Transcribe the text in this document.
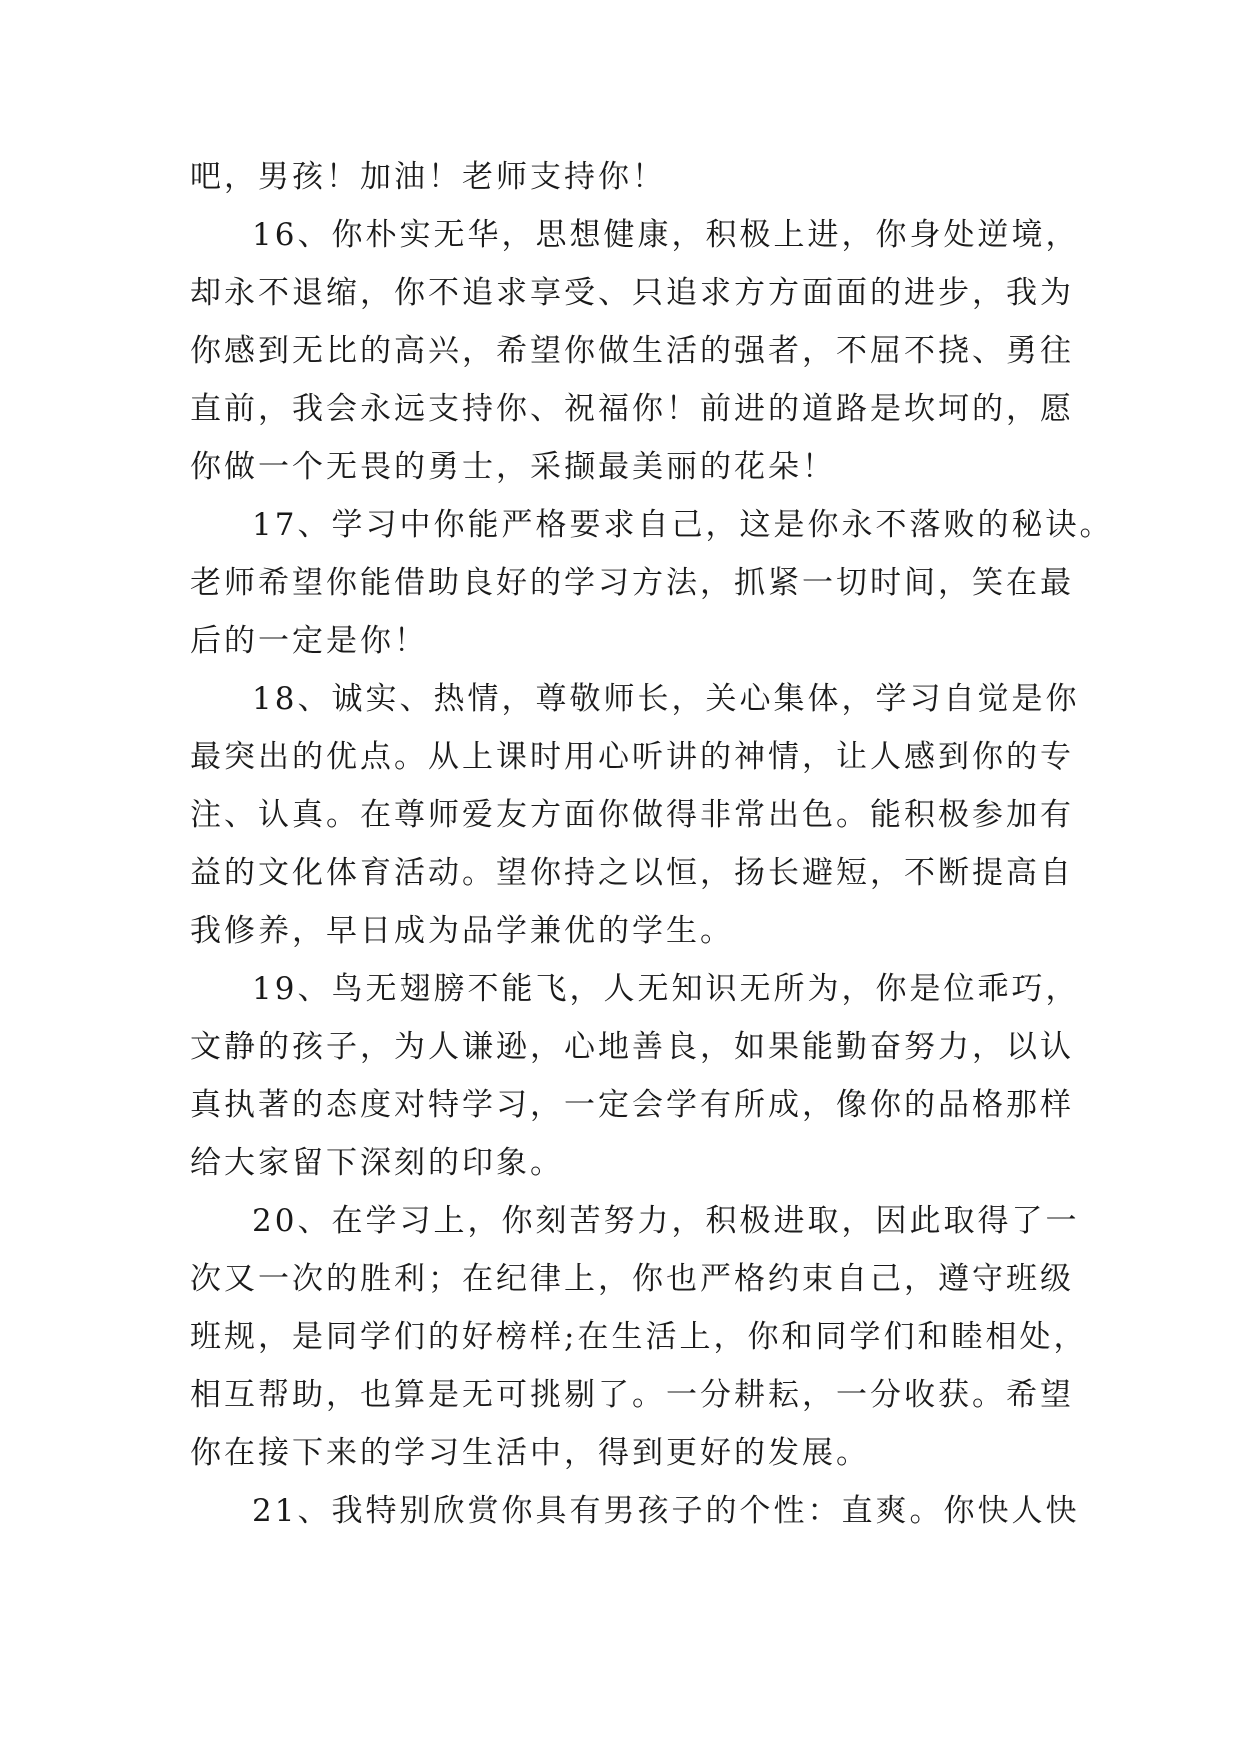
吧，男孩！加油！老师支持你！
16、你朴实无华，思想健康，积极上进，你身处逆境，
却永不退缩，你不追求享受、只追求方方面面的进步，我为
你感到无比的高兴，希望你做生活的强者，不屈不挠、勇往
直前，我会永远支持你、祝福你！前进的道路是坎坷的，愿
你做一个无畏的勇士，采撷最美丽的花朵！
17、学习中你能严格要求自己，这是你永不落败的秘诀。
老师希望你能借助良好的学习方法，抓紧一切时间，笑在最
后的一定是你！
18、诚实、热情，尊敬师长，关心集体，学习自觉是你
最突出的优点。从上课时用心听讲的神情，让人感到你的专
注、认真。在尊师爱友方面你做得非常出色。能积极参加有
益的文化体育活动。望你持之以恒，扬长避短，不断提高自
我修养，早日成为品学兼优的学生。
19、鸟无翅膀不能飞，人无知识无所为，你是位乖巧，
文静的孩子，为人谦逊，心地善良，如果能勤奋努力，以认
真执著的态度对特学习，一定会学有所成，像你的品格那样
给大家留下深刻的印象。
20、在学习上，你刻苦努力，积极进取，因此取得了一
次又一次的胜利；在纪律上，你也严格约束自己，遵守班级
班规，是同学们的好榜样;在生活上，你和同学们和睦相处，
相互帮助，也算是无可挑剔了。一分耕耘，一分收获。希望
你在接下来的学习生活中，得到更好的发展。
21、我特别欣赏你具有男孩子的个性：直爽。你快人快
